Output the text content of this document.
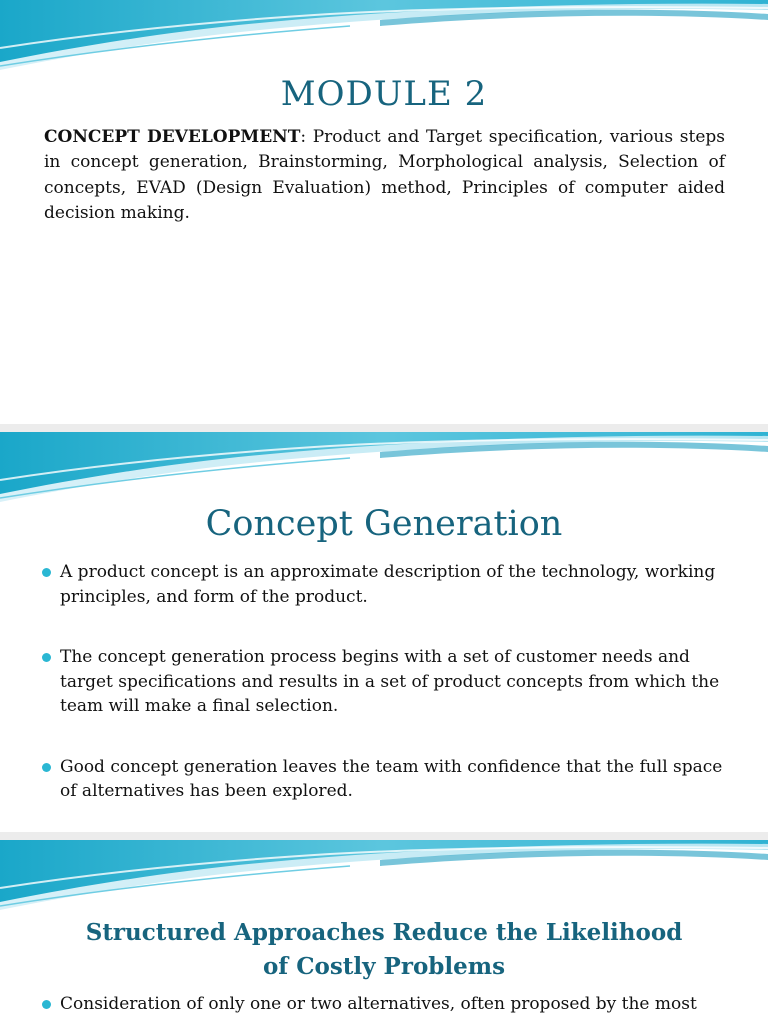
MODULE 2

CONCEPT DEVELOPMENT: Product and Target specification, various steps in concept generation, Brainstorming, Morphological analysis, Selection of concepts, EVAD (Design Evaluation) method, Principles of computer aided decision making.

Concept Generation
A product concept is an approximate description of the technology, working principles, and form of the product.
The concept generation process begins with a set of customer needs and target specifications and results in a set of product concepts from which the team will make a final selection.
Good concept generation leaves the team with confidence that the full space of alternatives has been explored.
Structured Approaches Reduce the Likelihood of Costly Problems
Consideration of only one or two alternatives, often proposed by the most
